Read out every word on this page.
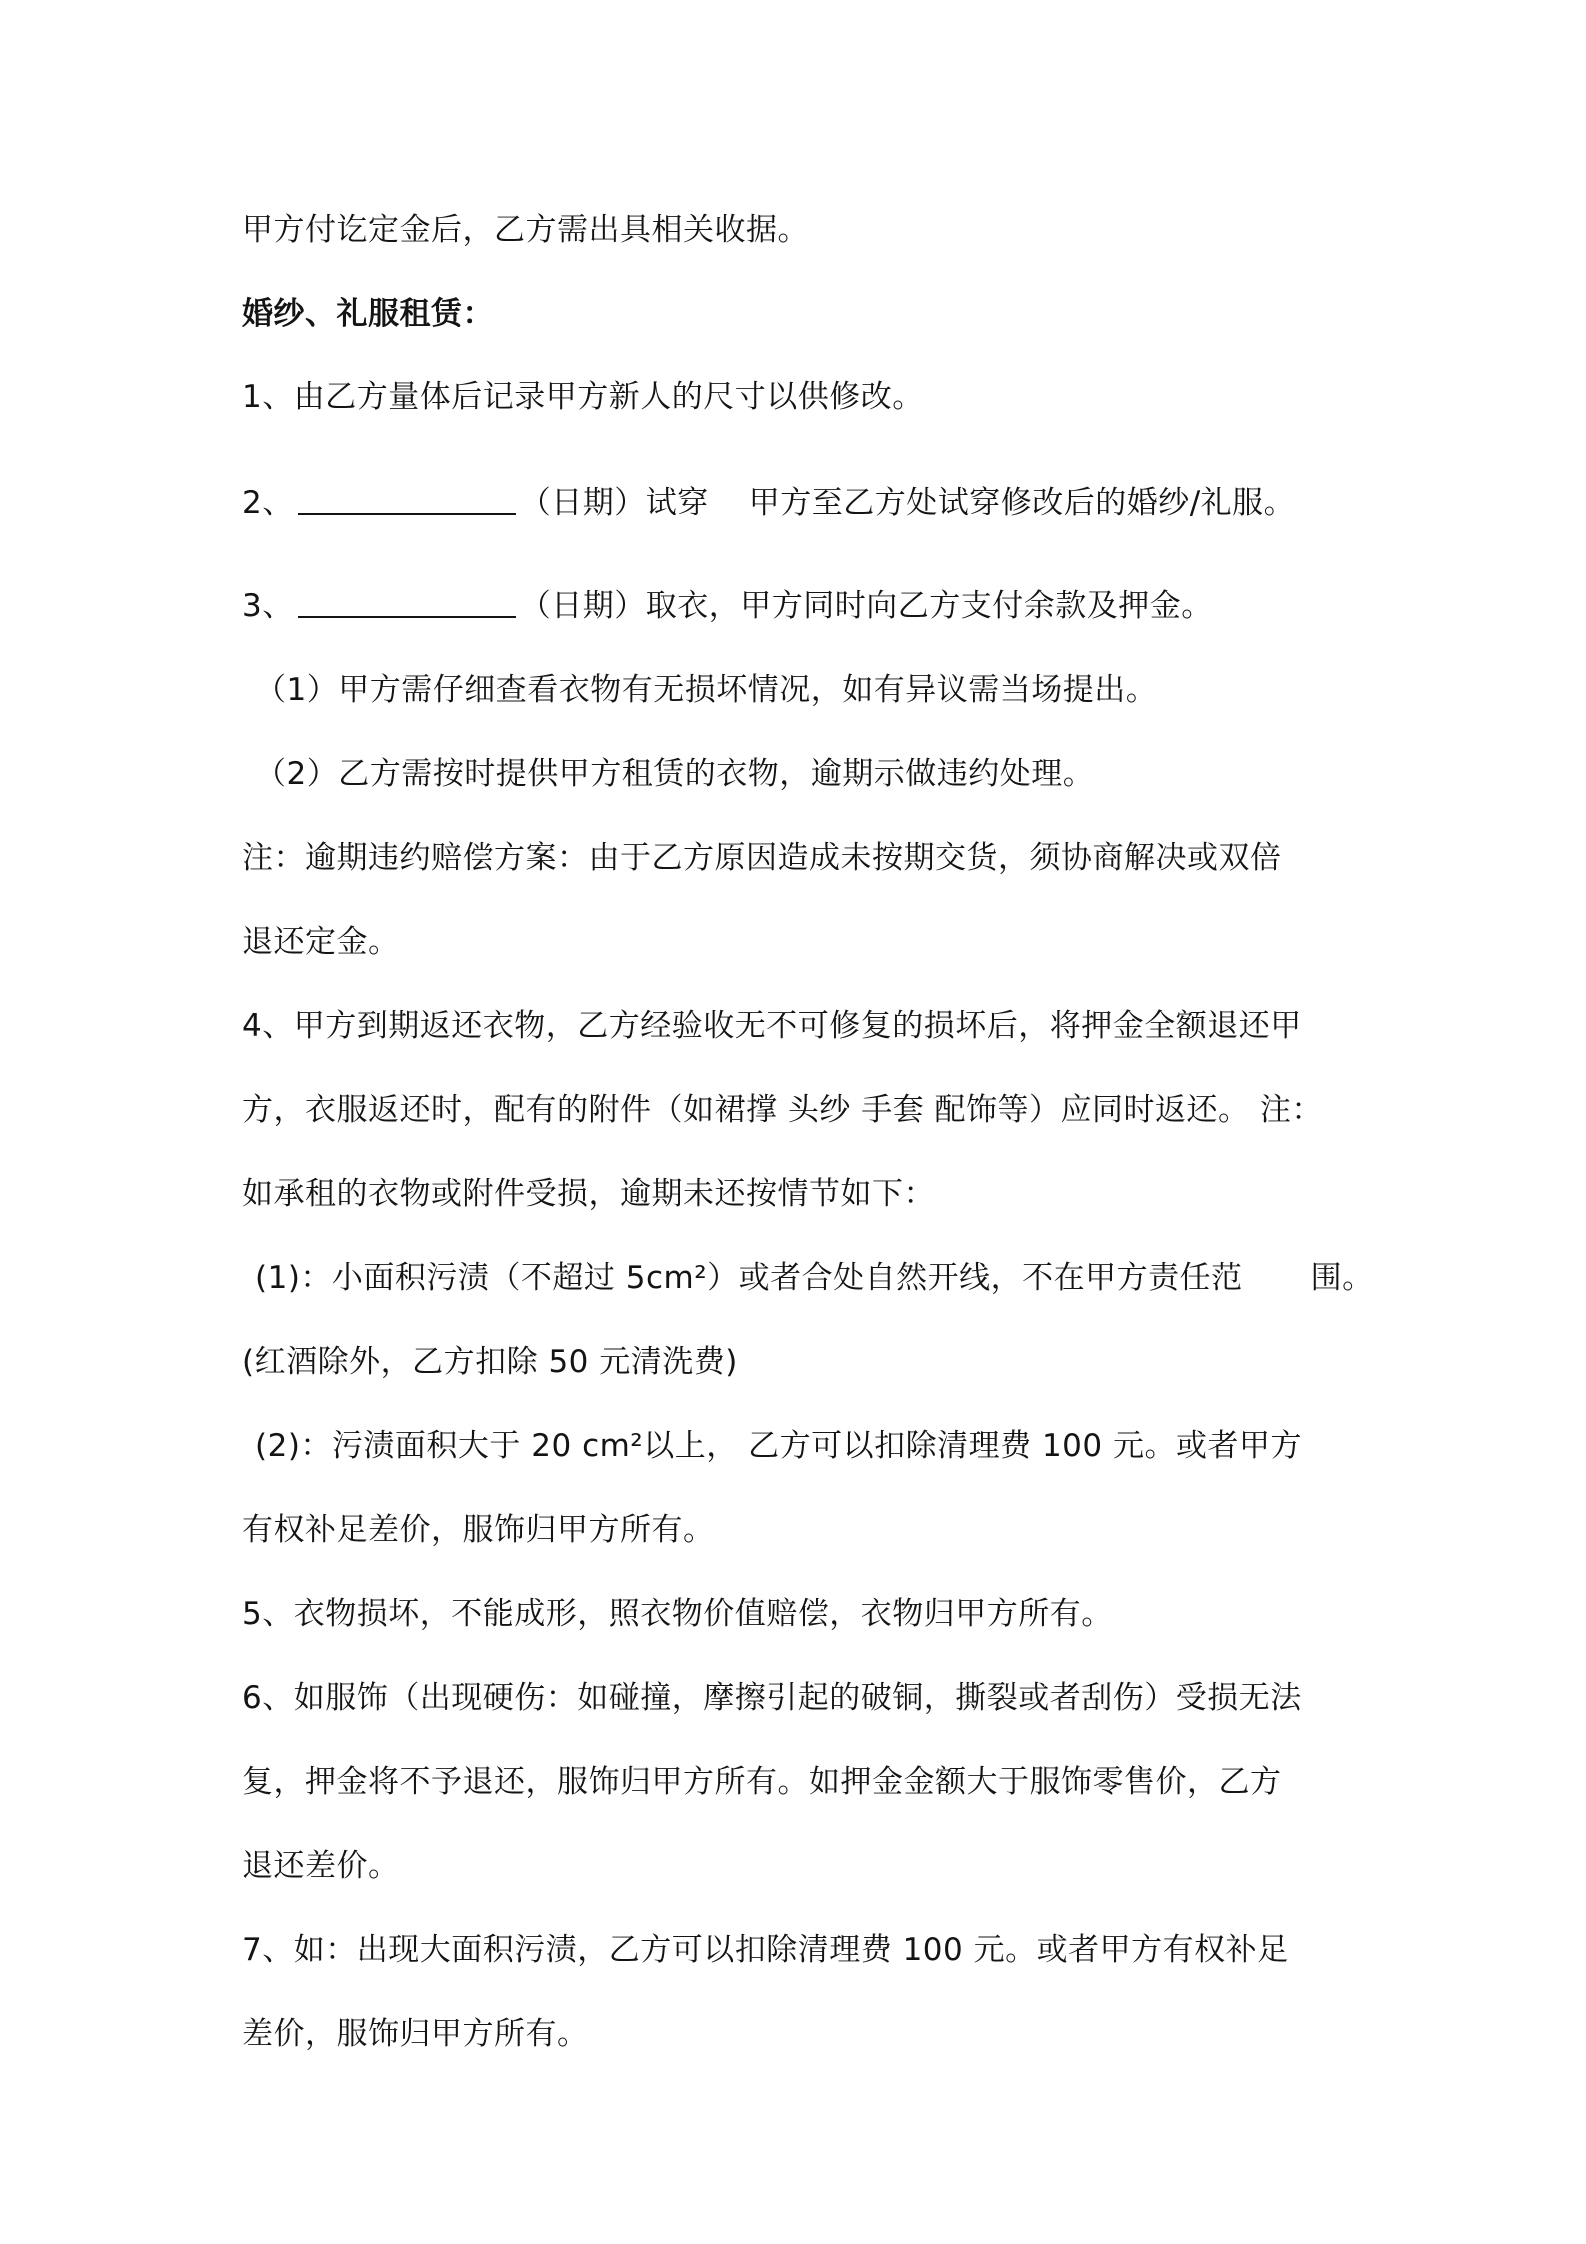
甲方付讫定金后，乙方需出具相关收据。
婚纱、礼服租赁：
1、由乙方量体后记录甲方新人的尺寸以供修改。
2、	（日期）试穿 甲方至乙方处试穿修改后的婚纱/礼服。
3、	（日期）取衣，甲方同时向乙方支付余款及押金。
（1）甲方需仔细查看衣物有无损坏情况，如有异议需当场提出。
（2）乙方需按时提供甲方租赁的衣物，逾期示做违约处理。
注：逾期违约赔偿方案：由于乙方原因造成未按期交货，须协商解决或双倍
退还定金。
4、甲方到期返还衣物，乙方经验收无不可修复的损坏后，将押金全额退还甲
方，衣服返还时，配有的附件（如裙撑 头纱 手套 配饰等）应同时返还。 注：
如承租的衣物或附件受损，逾期未还按情节如下：
(1)：小面积污渍（不超过 5cm²）或者合处自然开线，不在甲方责任范 围。
(红酒除外，乙方扣除 50 元清洗费)
(2)：污渍面积大于 20 cm²以上， 乙方可以扣除清理费 100 元。或者甲方
有权补足差价，服饰归甲方所有。
5、衣物损坏，不能成形，照衣物价值赔偿，衣物归甲方所有。
6、如服饰（出现硬伤：如碰撞，摩擦引起的破铜，撕裂或者刮伤）受损无法
复，押金将不予退还，服饰归甲方所有。如押金金额大于服饰零售价，乙方
退还差价。
7、如：出现大面积污渍，乙方可以扣除清理费 100 元。或者甲方有权补足
差价，服饰归甲方所有。
